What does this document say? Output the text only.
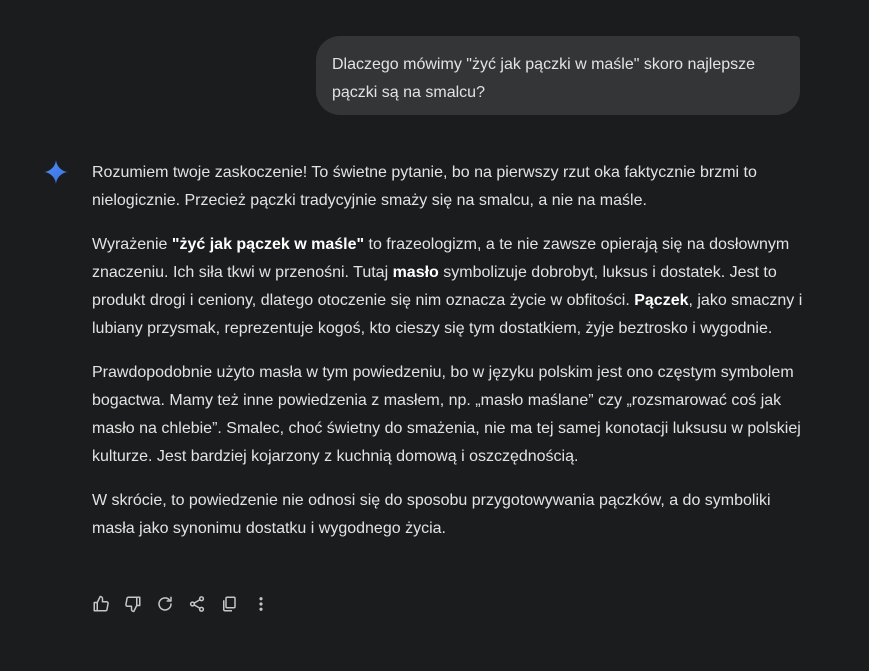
Dlaczego mówimy "żyć jak pączki w maśle" skoro najlepsze
pączki są na smalcu?

Rozumiem twoje zaskoczenie! To świetne pytanie, bo na pierwszy rzut oka faktycznie brzmi to nielogicznie. Przecież pączki tradycyjnie smaży się na smalcu, a nie na maśle.

Wyrażenie "żyć jak pączek w maśle" to frazeologizm, a te nie zawsze opierają się na dosłownym znaczeniu. Ich siła tkwi w przenośni. Tutaj masło symbolizuje dobrobyt, luksus i dostatek. Jest to produkt drogi i ceniony, dlatego otoczenie się nim oznacza życie w obfitości. Pączek, jako smaczny i lubiany przysmak, reprezentuje kogoś, kto cieszy się tym dostatkiem, żyje beztrosko i wygodnie.

Prawdopodobnie użyto masła w tym powiedzeniu, bo w języku polskim jest ono częstym symbolem bogactwa. Mamy też inne powiedzenia z masłem, np. „masło maślane” czy „rozsmarować coś jak masło na chlebie”. Smalec, choć świetny do smażenia, nie ma tej samej konotacji luksusu w polskiej kulturze. Jest bardziej kojarzony z kuchnią domową i oszczędnością.

W skrócie, to powiedzenie nie odnosi się do sposobu przygotowywania pączków, a do symboliki masła jako synonimu dostatku i wygodnego życia.
